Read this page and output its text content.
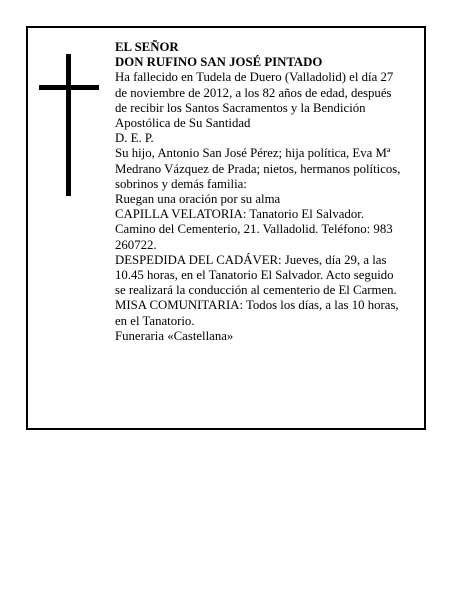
EL SEÑOR
DON RUFINO SAN JOSÉ PINTADO
Ha fallecido en Tudela de Duero (Valladolid) el día 27
de noviembre de 2012, a los 82 años de edad, después
de recibir los Santos Sacramentos y la Bendición
Apostólica de Su Santidad
D. E. P.
Su hijo, Antonio San José Pérez; hija política, Eva Mª
Medrano Vázquez de Prada; nietos, hermanos políticos,
sobrinos y demás familia:
Ruegan una oración por su alma
CAPILLA VELATORIA: Tanatorio El Salvador.
Camino del Cementerio, 21. Valladolid. Teléfono: 983
260722.
DESPEDIDA DEL CADÁVER: Jueves, día 29, a las
10.45 horas, en el Tanatorio El Salvador. Acto seguido
se realizará la conducción al cementerio de El Carmen.
MISA COMUNITARIA: Todos los días, a las 10 horas,
en el Tanatorio.
Funeraria «Castellana»
